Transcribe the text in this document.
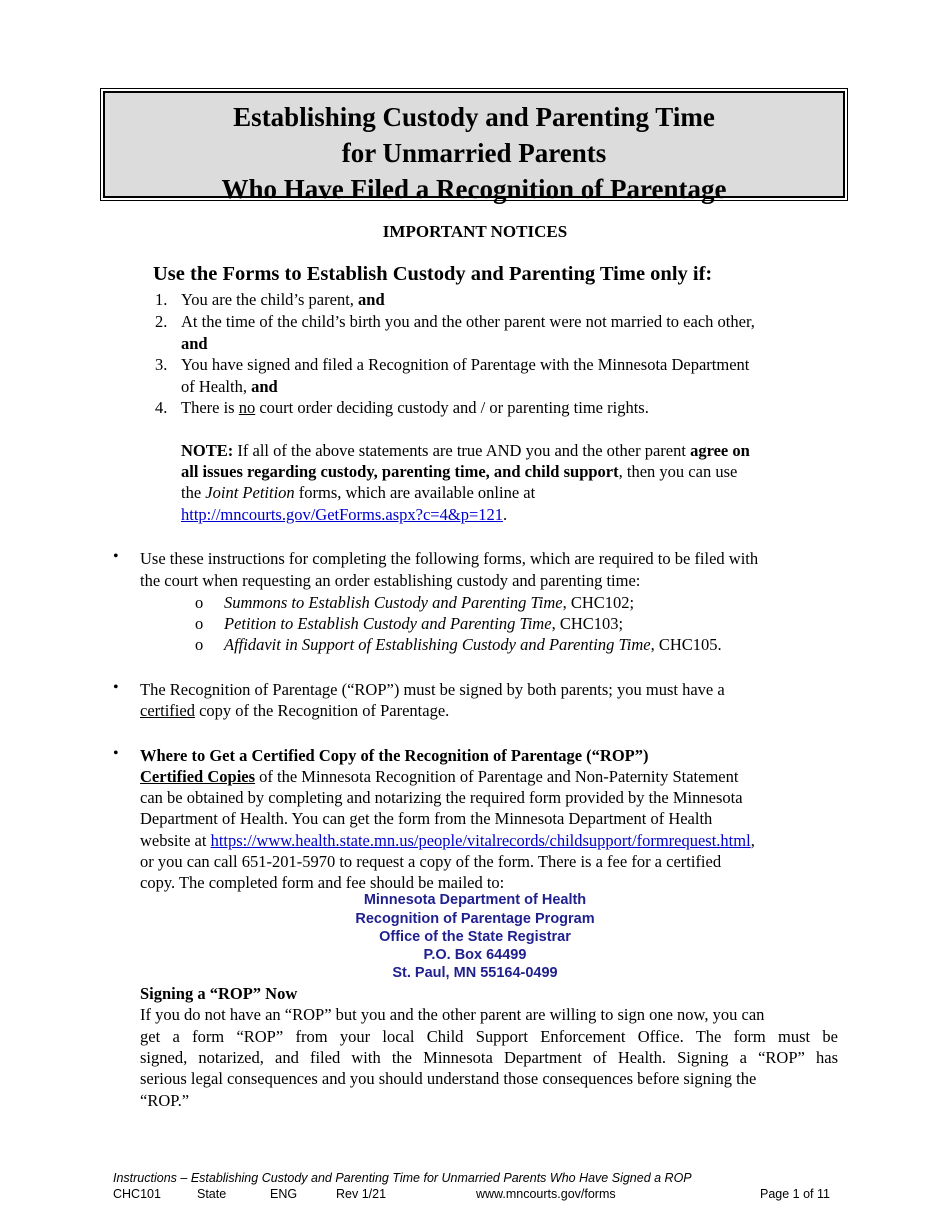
Establishing Custody and Parenting Time
for Unmarried Parents
Who Have Filed a Recognition of Parentage
IMPORTANT NOTICES
Use the Forms to Establish Custody and Parenting Time only if:
1. You are the child’s parent, and
2. At the time of the child’s birth you and the other parent were not married to each other,
and
3. You have signed and filed a Recognition of Parentage with the Minnesota Department
of Health, and
4. There is no court order deciding custody and / or parenting time rights.
NOTE: If all of the above statements are true AND you and the other parent agree on
all issues regarding custody, parenting time, and child support, then you can use
the Joint Petition forms, which are available online at
http://mncourts.gov/GetForms.aspx?c=4&p=121.
• Use these instructions for completing the following forms, which are required to be filed with
the court when requesting an order establishing custody and parenting time:
o Summons to Establish Custody and Parenting Time, CHC102;
o Petition to Establish Custody and Parenting Time, CHC103;
o Affidavit in Support of Establishing Custody and Parenting Time, CHC105.
• The Recognition of Parentage (“ROP”) must be signed by both parents; you must have a
certified copy of the Recognition of Parentage.
• Where to Get a Certified Copy of the Recognition of Parentage (“ROP”)
Certified Copies of the Minnesota Recognition of Parentage and Non-Paternity Statement
can be obtained by completing and notarizing the required form provided by the Minnesota
Department of Health. You can get the form from the Minnesota Department of Health
website at https://www.health.state.mn.us/people/vitalrecords/childsupport/formrequest.html,
or you can call 651-201-5970 to request a copy of the form. There is a fee for a certified
copy. The completed form and fee should be mailed to:
Minnesota Department of Health
Recognition of Parentage Program
Office of the State Registrar
P.O. Box 64499
St. Paul, MN 55164-0499
Signing a “ROP” Now
If you do not have an “ROP” but you and the other parent are willing to sign one now, you can
get a form “ROP” from your local Child Support Enforcement Office. The form must be
signed, notarized, and filed with the Minnesota Department of Health. Signing a “ROP” has
serious legal consequences and you should understand those consequences before signing the
“ROP.”
Instructions – Establishing Custody and Parenting Time for Unmarried Parents Who Have Signed a ROP
CHC101	State	ENG	Rev 1/21	www.mncourts.gov/forms	Page 1 of 11
